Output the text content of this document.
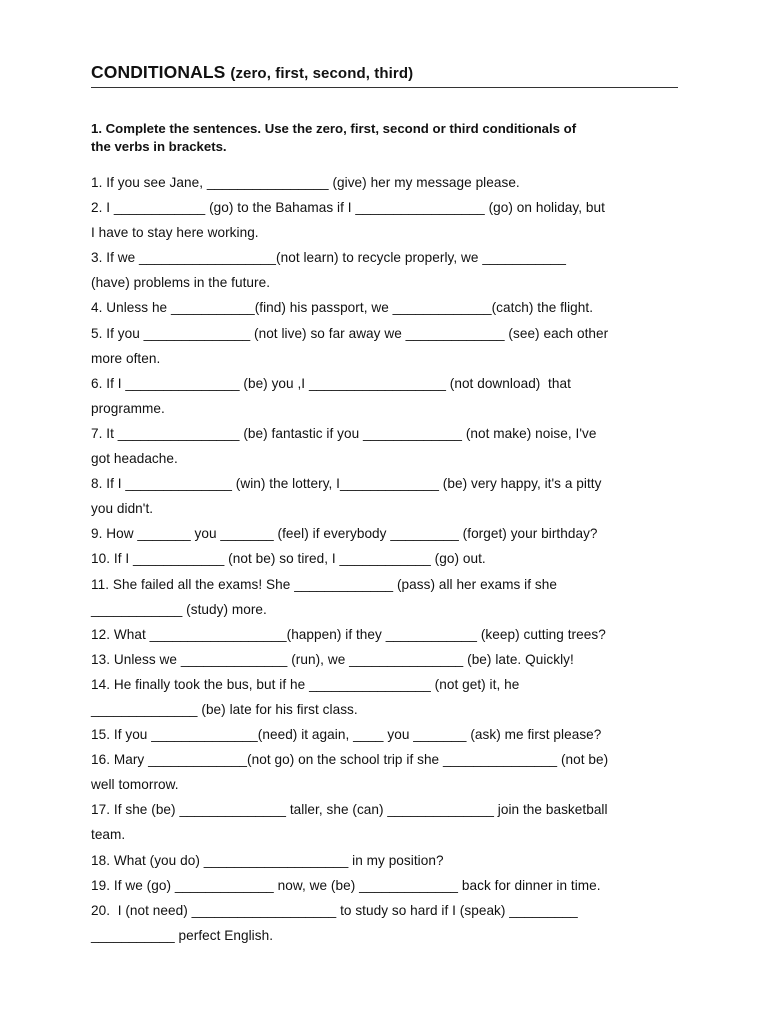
CONDITIONALS (zero, first, second, third)
1. Complete the sentences. Use the zero, first, second or third conditionals of
the verbs in brackets.
1. If you see Jane, ________________ (give) her my message please.
2. I ____________ (go) to the Bahamas if I _________________ (go) on holiday, but
I have to stay here working.
3. If we __________________(not learn) to recycle properly, we ___________
(have) problems in the future.
4. Unless he ___________(find) his passport, we _____________(catch) the flight.
5. If you ______________ (not live) so far away we _____________ (see) each other
more often.
6. If I _______________ (be) you ,I __________________ (not download)  that
programme.
7. It ________________ (be) fantastic if you _____________ (not make) noise, I've
got headache.
8. If I ______________ (win) the lottery, I_____________ (be) very happy, it's a pitty
you didn't.
9. How _______ you _______ (feel) if everybody _________ (forget) your birthday?
10. If I ____________ (not be) so tired, I ____________ (go) out.
11. She failed all the exams! She _____________ (pass) all her exams if she
____________ (study) more.
12. What __________________(happen) if they ____________ (keep) cutting trees?
13. Unless we ______________ (run), we _______________ (be) late. Quickly!
14. He finally took the bus, but if he ________________ (not get) it, he
______________ (be) late for his first class.
15. If you ______________(need) it again, ____ you _______ (ask) me first please?
16. Mary _____________(not go) on the school trip if she _______________ (not be)
well tomorrow.
17. If she (be) ______________ taller, she (can) ______________ join the basketball
team.
18. What (you do) ___________________ in my position?
19. If we (go) _____________ now, we (be) _____________ back for dinner in time.
20.  I (not need) ___________________ to study so hard if I (speak) _________
___________ perfect English.
